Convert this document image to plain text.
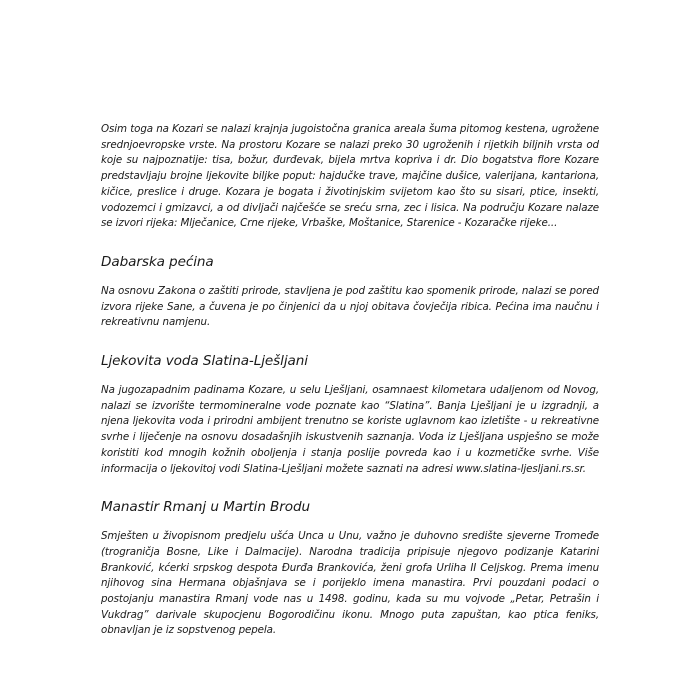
Osim toga na Kozari se nalazi krajnja jugoistočna granica areala šuma pitomog kestena, ugrožene srednjoevropske vrste. Na prostoru Kozare se nalazi preko 30 ugroženih i rijetkih biljnih vrsta od koje su najpoznatije: tisa, božur, đurđevak, bijela mrtva kopriva i dr. Dio bogatstva flore Kozare predstavljaju brojne ljekovite biljke poput: hajdučke trave, majčine dušice, valerijana, kantariona, kičice, preslice i druge. Kozara je bogata i životinjskim svijetom kao što su sisari, ptice, insekti, vodozemci i gmizavci, a od divljači najčešće se sreću srna, zec i lisica. Na području Kozare nalaze se izvori rijeka: Mlječanice, Crne rijeke, Vrbaške, Moštanice, Starenice - Kozaračke rijeke...

Dabarska pećina

Na osnovu Zakona o zaštiti prirode, stavljena je pod zaštitu kao spomenik prirode, nalazi se pored izvora rijeke Sane, a čuvena je po činjenici da u njoj obitava čovječija ribica. Pećina ima naučnu i rekreativnu namjenu.

Ljekovita voda Slatina-Lješljani

Na jugozapadnim padinama Kozare, u selu Lješljani, osamnaest kilometara udaljenom od Novog, nalazi se izvorište termomineralne vode poznate kao “Slatina”. Banja Lješljani je u izgradnji, a njena ljekovita voda i prirodni ambijent trenutno se koriste uglavnom kao izletište - u rekreativne svrhe i liječenje na osnovu dosadašnjih iskustvenih saznanja. Voda iz Lješljana uspješno se može koristiti kod mnogih kožnih oboljenja i stanja poslije povreda kao i u kozmetičke svrhe. Više informacija o ljekovitoj vodi Slatina-Lješljani možete saznati na adresi www.slatina-ljesljani.rs.sr.

Manastir Rmanj u Martin Brodu

Smješten u živopisnom predjelu ušća Unca u Unu, važno je duhovno središte sjeverne Tromeđe (trograničja Bosne, Like i Dalmacije). Narodna tradicija pripisuje njegovo podizanje Katarini Branković, kćerki srpskog despota Đurđa Brankovića, ženi grofa Urliha II Celjskog. Prema imenu njihovog sina Hermana objašnjava se i porijeklo imena manastira. Prvi pouzdani podaci o postojanju manastira Rmanj vode nas u 1498. godinu, kada su mu vojvode „Petar, Petrašin i Vukdrag” darivale skupocjenu Bogorodičinu ikonu. Mnogo puta zapuštan, kao ptica feniks, obnavljan je iz sopstvenog pepela.
